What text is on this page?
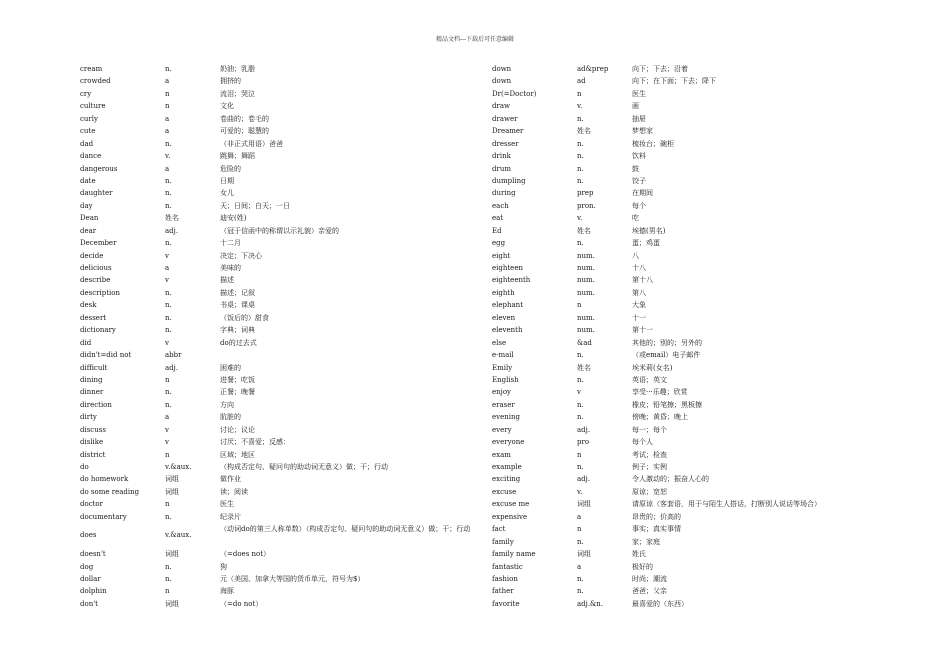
精品文档---下载后可任意编辑
cream	n.	奶油；乳脂
crowded	a	拥挤的
cry	n	流泪；哭泣
culture	n	文化
curly	a	卷曲的；卷毛的
cute	a	可爱的；聪慧的
dad	n.	（非正式用语）爸爸
dance	v.	跳舞；舞蹈
dangerous	a	危险的
date	n.	日期
daughter	n.	女儿
day	n.	天；日间；白天；一日
Dean	姓名	迪安(姓)
dear	adj.	（冠于信函中的称谓以示礼貌）亲爱的
December	n.	十二月
decide	v	决定；下决心
delicious	a	美味的
describe	v	描述
description	n.	描述；记叙
desk	n.	书桌；课桌
dessert	n.	（饭后的）甜食
dictionary	n.	字典；词典
did	v	do的过去式
didn't=did not	abbr
difficult	adj.	困难的
dining	n	进餐；吃饭
dinner	n.	正餐；晚餐
direction	n.	方向
dirty	a	肮脏的
discuss	v	讨论；议论
dislike	v	讨厌；不喜爱；反感：
district	n	区域；地区
do	v.&aux.	（构成否定句、疑问句的助动词无意义）做；干；行动
do homework	词组	做作业
do some reading	词组	读；阅读
doctor	n	医生
documentary	n.	纪录片
does	v.&aux.
（动词do的第三人称单数）（构成否定句、疑问句的助动词无意义）做；干；行动
doesn't	词组	（=does not）
dog	n.	狗
dollar	n.	元（美国、加拿大等国的货币单元，符号为$）
dolphin	n	海豚
don't	词组	（=do not）
down	ad&prep	向下；下去；沿着
down	ad	向下；在下面；下去；降下
Dr(=Doctor)	n	医生
draw	v.	画
drawer	n.	抽屉
Dreamer	姓名	梦想家
dresser	n.	梳妆台；碗柜
drink	n.	饮料
drum	n.	鼓
dumpling	n.	饺子
during	prep	在期间
each	pron.	每个
eat	v.	吃
Ed	姓名	埃德(男名)
egg	n.	蛋；鸡蛋
eight	num.	八
eighteen	num.	十八
eighteenth	num.	第十八
eighth	num.	第八
elephant	n	大象
eleven	num.	十一
eleventh	num.	第十一
else	&ad	其他的；别的；另外的
e-mail	n.	（或email）电子邮件
Emily	姓名	埃米莉(女名)
English	n.	英语；英文
enjoy	v	享受···乐趣；欣赏
eraser	n.	橡皮；铅笔擦；黑板擦
evening	n.	傍晚；黄昏；晚上
every	adj.	每一；每个
everyone	pro	每个人
exam	n	考试；检查
example	n.	例子；实例
exciting	adj.	令人激动的；振奋人心的
excuse	v.	原谅；宽恕
excuse me	词组	请原谅（客套语，用于与陌生人搭话，打断别人说话等场合）
expensive	a	昂贵的；价高的
fact	n	事实；真实事情
family	n.	家；家庭
family name	词组	姓氏
fantastic	a	极好的
fashion	n.	时尚；潮流
father	n.	爸爸；父亲
favorite	adj.&n.	最喜爱的（东西）
